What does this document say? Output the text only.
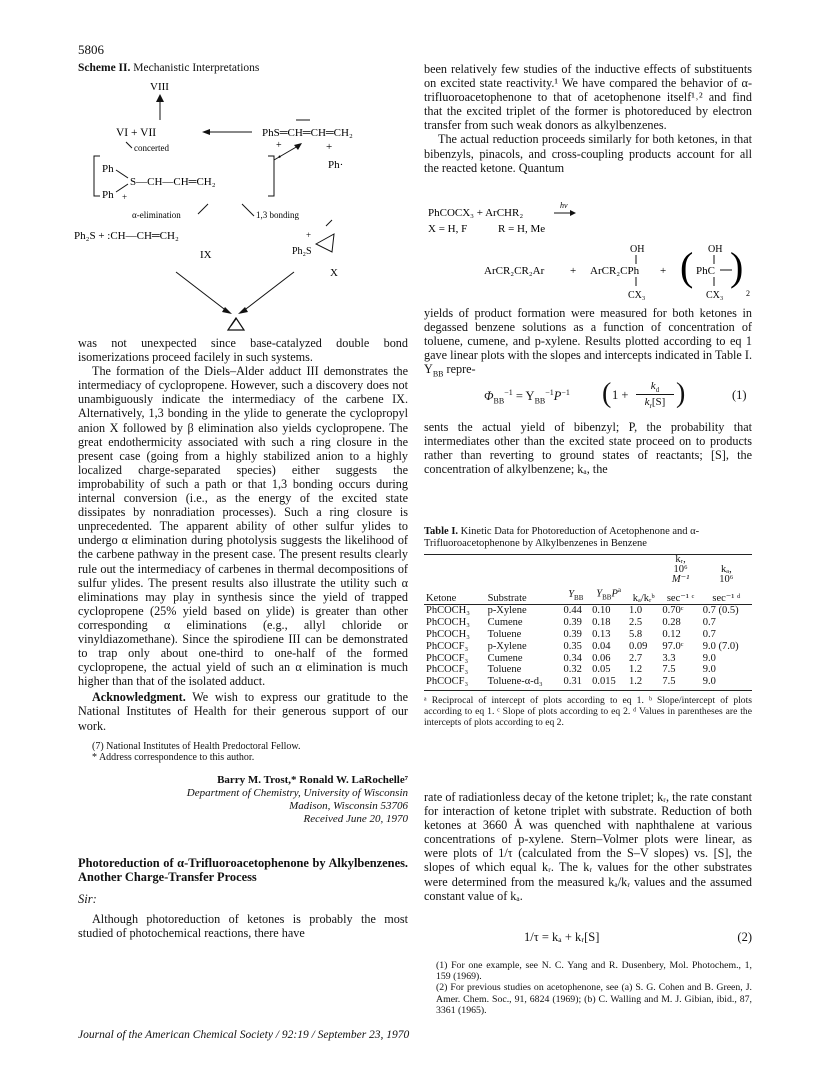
5806
Scheme II. Mechanistic Interpretations
VIII
VI + VII	PhS═CH═CH═CH₂
+
+
concerted
Ph·
•
Ph
S—CH—CH═CH₂
Ph +
α-elimination	1,3 bonding
Ph₂S + :CH—CH═CH₂
IX	Ph₂S
+
X

was not unexpected since base-catalyzed double bond isomerizations proceed facilely in such systems.

The formation of the Diels–Alder adduct III demonstrates the intermediacy of cyclopropene. However, such a discovery does not unambiguously indicate the intermediacy of the carbene IX. Alternatively, 1,3 bonding in the ylide to generate the cyclopropyl anion X followed by β elimination also yields cyclopropene. The great endothermicity associated with such a ring closure in the present case (going from a highly stabilized anion to a highly localized charge-separated species) either suggests the improbability of such a path or that 1,3 bonding occurs during internal conversion (i.e., as the energy of the excited state dissipates by nonradiation processes). Such a ring closure is unprecedented. The apparent ability of other sulfur ylides to undergo α elimination during photolysis suggests the likelihood of the carbene pathway in the present case. The present results clearly rule out the intermediacy of carbenes in thermal decompositions of sulfur ylides. The present results also illustrate the utility such α eliminations may play in synthesis since the yield of trapped cyclopropene (25% yield based on ylide) is greater than other corresponding α eliminations (e.g., allyl chloride or vinyldiazomethane). Since the spirodiene III can be demonstrated to trap only about one-third to one-half of the formed cyclopropene, the actual yield of such an α elimination is much higher than that of the isolated adduct.

Acknowledgment. We wish to express our gratitude to the National Institutes of Health for their generous support of our work.

(7) National Institutes of Health Predoctoral Fellow.

* Address correspondence to this author.

Barry M. Trost,* Ronald W. LaRochelle⁷
Department of Chemistry, University of Wisconsin
Madison, Wisconsin 53706
Received June 20, 1970
Photoreduction of α-Trifluoroacetophenone by Alkylbenzenes. Another Charge-Transfer Process
Sir:

Although photoreduction of ketones is probably the most studied of photochemical reactions, there have

been relatively few studies of the inductive effects of substituents on excited state reactivity.¹ We have compared the behavior of α-trifluoroacetophenone to that of acetophenone itself¹˒² and find that the excited triplet of the former is photoreduced by electron transfer from such weak donors as alkylbenzenes.

The actual reduction proceeds similarly for both ketones, in that bibenzyls, pinacols, and cross-coupling products account for all the reacted ketone. Quantum

PhCOCX₃ + ArCHR₂
hν
X = H, F	R = H, Me
ArCR₂CR₂Ar + ArCR₂CPh
OH
CX₃
+ ( PhC
OH
CX₃
)
2

yields of product formation were measured for both ketones in degassed benzene solutions as a function of concentration of toluene, cumene, and p-xylene. Results plotted according to eq 1 gave linear plots with the slopes and intercepts indicated in Table I. $Y_{BB}$ repre-

$\Phi_{BB}^{-1} = Y_{BB}^{-1}P^{-1}$ ( 1 +
$k_d$
$k_r[S]$ )	(1)

sents the actual yield of bibenzyl; P, the probability that intermediates other than the excited state proceed on to products rather than reverting to ground states of reactants; [S], the concentration of alkylbenzene; kₐ, the

Table I. Kinetic Data for Photoreduction of Acetophenone and α-Trifluoroacetophenone by Alkylbenzenes in Benzene
					kᵣ,
10⁶
M⁻¹	kₐ,
10⁶
Ketone	Substrate	$Y_{BB}$	$Y_{BB}P^a$	kₐ/kᵣᵇ	sec⁻¹ ᶜ	sec⁻¹ ᵈ
PhCOCH₃	p-Xylene	0.44	0.10	1.0	0.70ᶜ	0.7 (0.5)
PhCOCH₃	Cumene	0.39	0.18	2.5	0.28	0.7
PhCOCH₃	Toluene	0.39	0.13	5.8	0.12	0.7
PhCOCF₃	p-Xylene	0.35	0.04	0.09	97.0ᶜ	9.0 (7.0)
PhCOCF₃	Cumene	0.34	0.06	2.7	3.3	9.0
PhCOCF₃	Toluene	0.32	0.05	1.2	7.5	9.0
PhCOCF₃	Toluene-α-d₃	0.31	0.015	1.2	7.5	9.0
ᵃ Reciprocal of intercept of plots according to eq 1. ᵇ Slope/intercept of plots according to eq 1. ᶜ Slope of plots according to eq 2. ᵈ Values in parentheses are the intercepts of plots according to eq 2.

rate of radiationless decay of the ketone triplet; kᵣ, the rate constant for interaction of ketone triplet with substrate. Reduction of both ketones at 3660 Å was quenched with naphthalene at various concentrations of p-xylene. Stern–Volmer plots were linear, as were plots of 1/τ (calculated from the S–V slopes) vs. [S], the slopes of which equal kᵣ. The kᵣ values for the other substrates were determined from the measured kₐ/kᵣ values and the assumed constant value of kₐ.

1/τ = kₐ + kᵣ[S]	(2)

(1) For one example, see N. C. Yang and R. Dusenbery, Mol. Photochem., 1, 159 (1969).

(2) For previous studies on acetophenone, see (a) S. G. Cohen and B. Green, J. Amer. Chem. Soc., 91, 6824 (1969); (b) C. Walling and M. J. Gibian, ibid., 87, 3361 (1965).

Journal of the American Chemical Society / 92:19 / September 23, 1970
